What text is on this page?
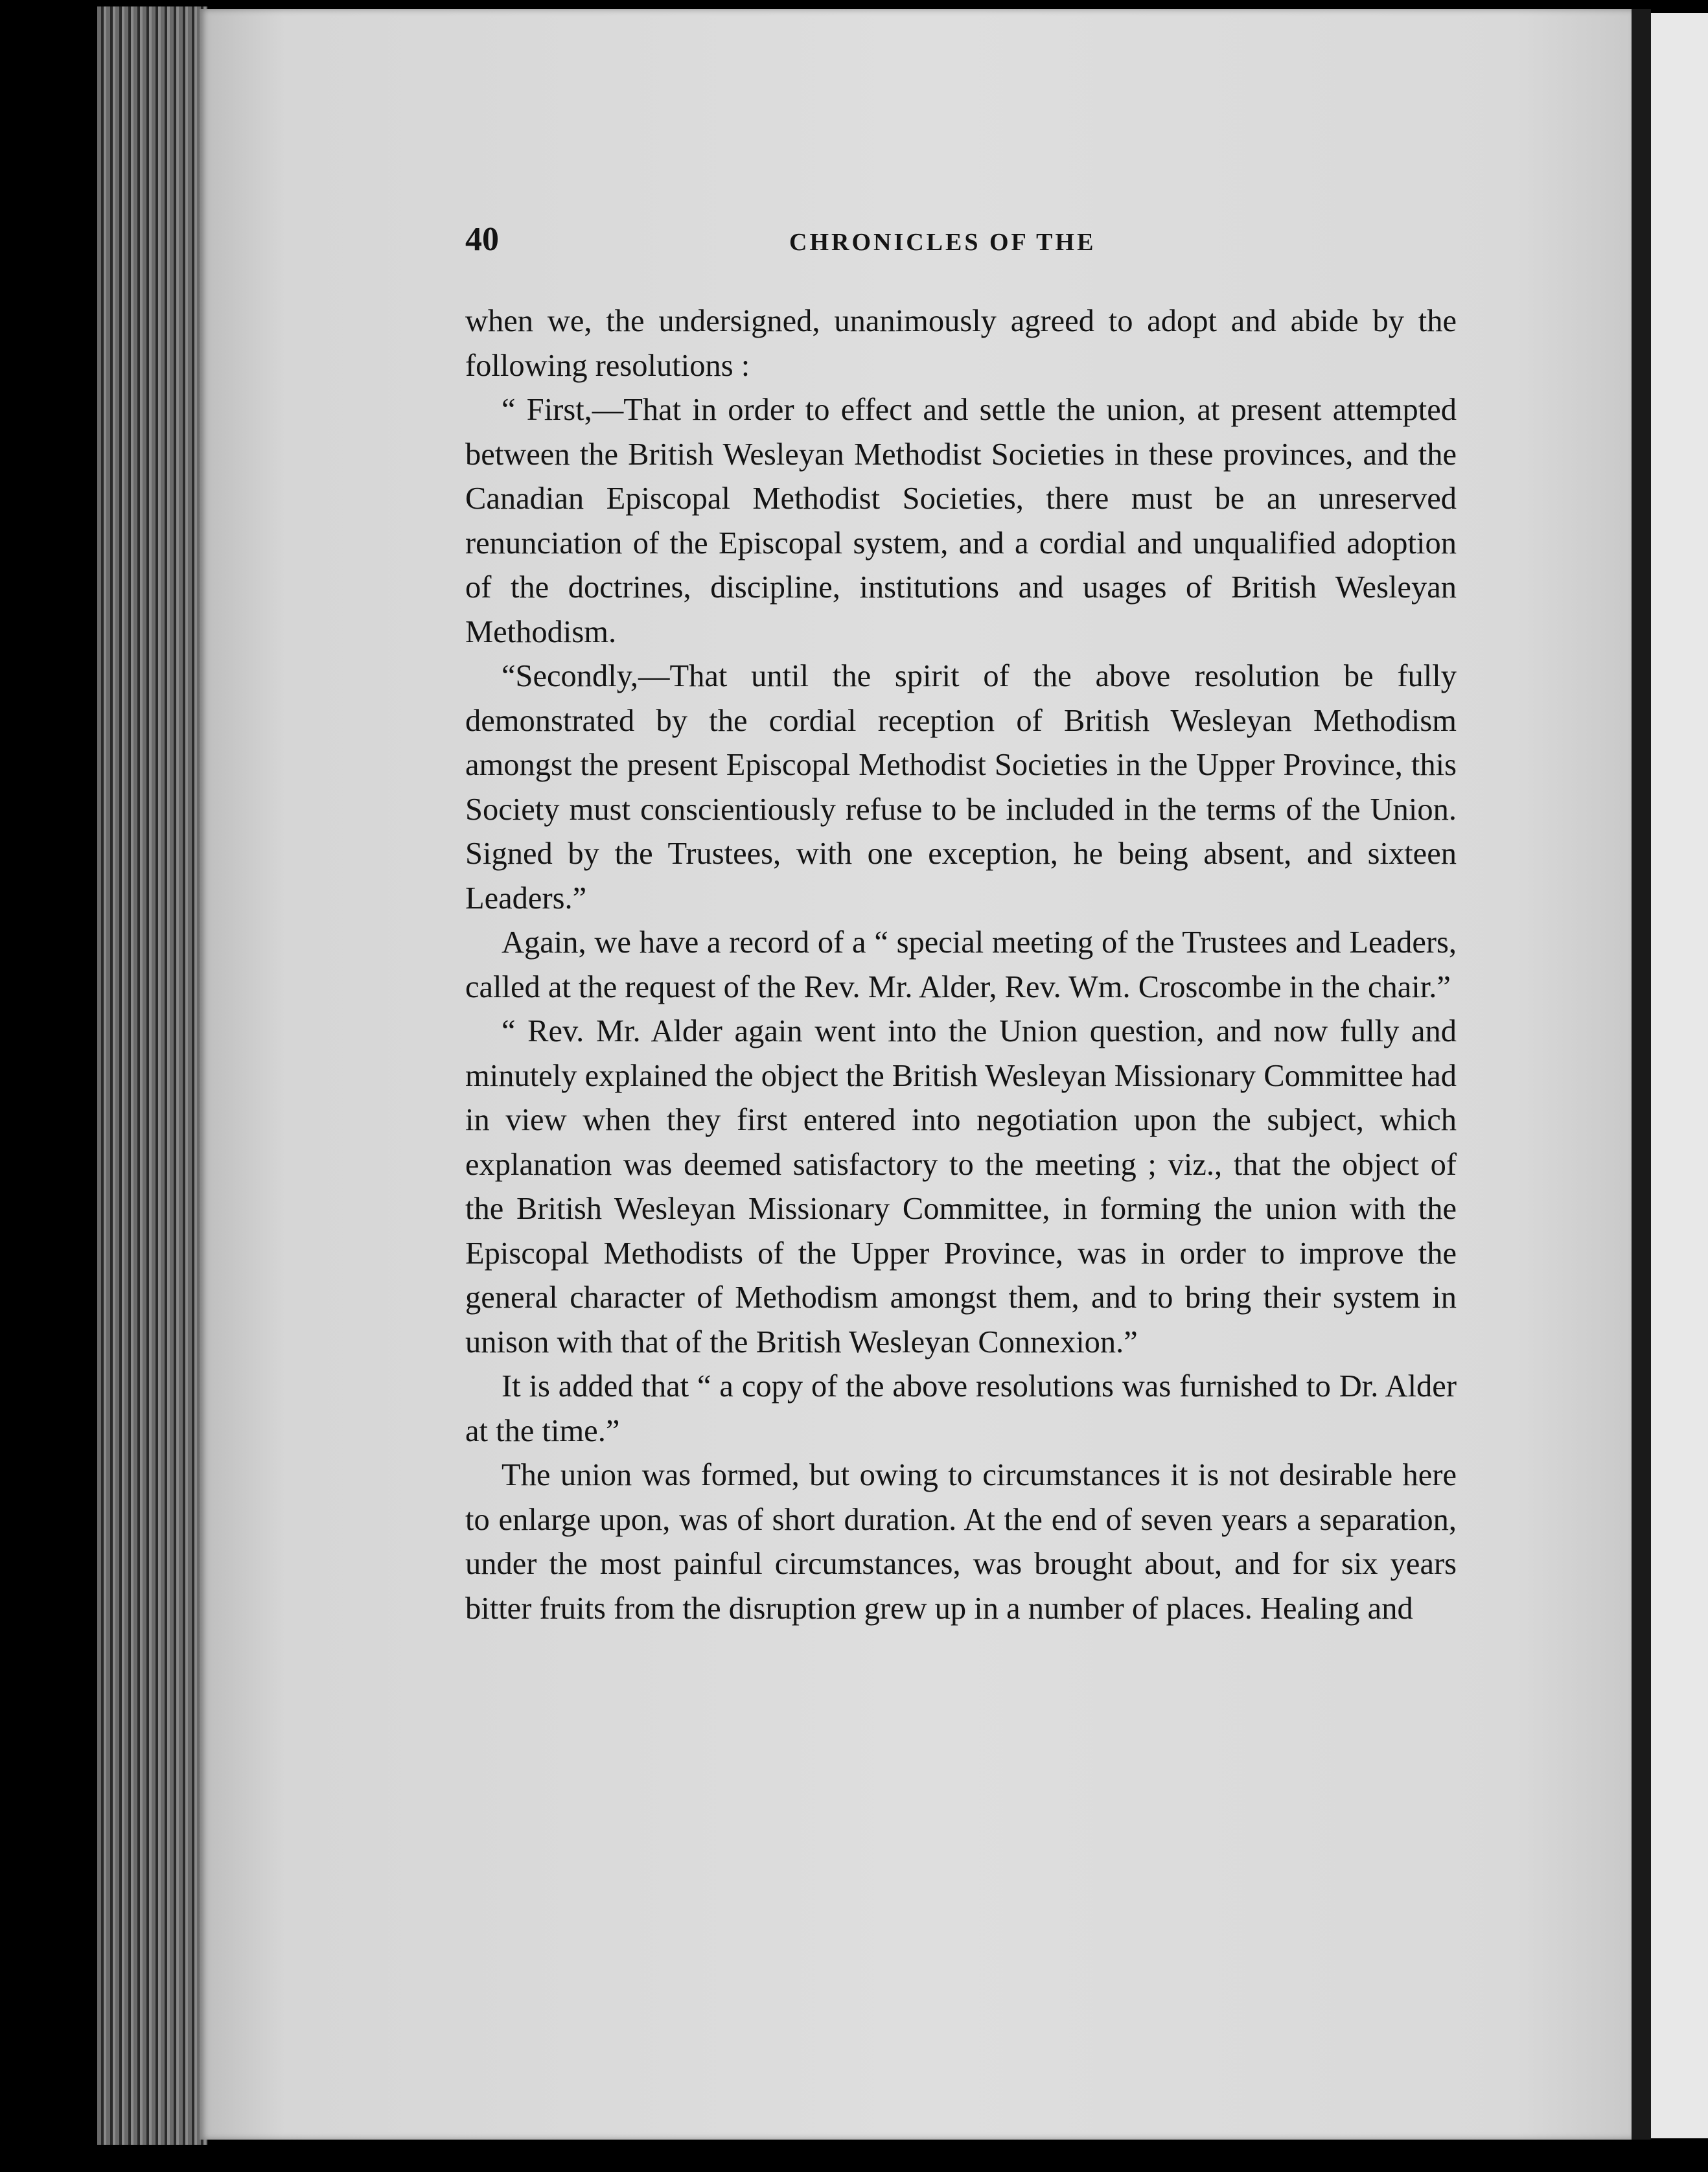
40	CHRONICLES OF THE

when we, the undersigned, unanimously agreed to adopt and abide by the following resolutions :

“ First,—That in order to effect and settle the union, at present attempted between the British Wesleyan Methodist Societies in these provinces, and the Canadian Episcopal Methodist Societies, there must be an unreserved renunciation of the Episcopal system, and a cordial and unqualified adoption of the doctrines, discipline, institutions and usages of British Wesleyan Methodism.

“Secondly,—That until the spirit of the above resolution be fully demonstrated by the cordial reception of British Wesleyan Methodism amongst the present Episcopal Methodist Societies in the Upper Province, this Society must conscientiously refuse to be included in the terms of the Union. Signed by the Trustees, with one exception, he being absent, and sixteen Leaders.”

Again, we have a record of a “ special meeting of the Trustees and Leaders, called at the request of the Rev. Mr. Alder, Rev. Wm. Croscombe in the chair.”

“ Rev. Mr. Alder again went into the Union question, and now fully and minutely explained the object the British Wesleyan Missionary Committee had in view when they first entered into negotiation upon the subject, which explanation was deemed satisfactory to the meeting ; viz., that the object of the British Wesleyan Missionary Committee, in forming the union with the Episcopal Methodists of the Upper Province, was in order to improve the general character of Methodism amongst them, and to bring their system in unison with that of the British Wesleyan Connexion.”

It is added that “ a copy of the above resolutions was furnished to Dr. Alder at the time.”

The union was formed, but owing to circumstances it is not desirable here to enlarge upon, was of short duration. At the end of seven years a separation, under the most painful circumstances, was brought about, and for six years bitter fruits from the disruption grew up in a number of places. Healing and
